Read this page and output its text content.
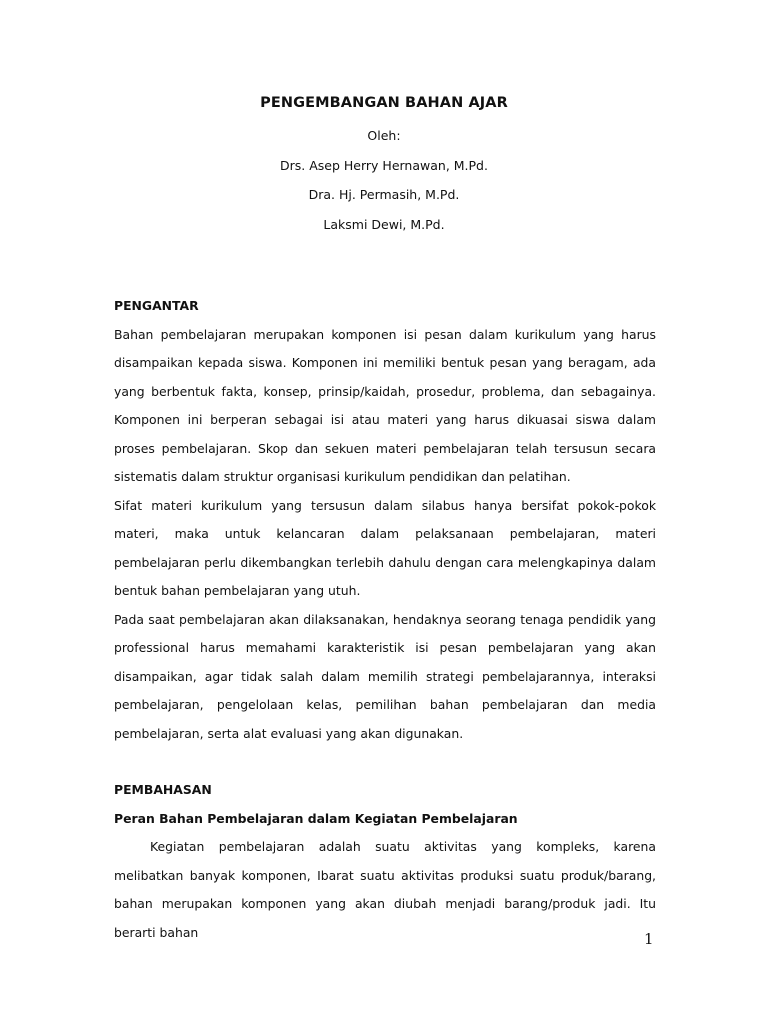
PENGEMBANGAN BAHAN AJAR

Oleh:

Drs. Asep Herry Hernawan, M.Pd.

Dra. Hj. Permasih, M.Pd.

Laksmi Dewi, M.Pd.

PENGANTAR

Bahan pembelajaran merupakan komponen isi pesan dalam kurikulum yang harus disampaikan kepada siswa. Komponen ini memiliki bentuk pesan yang beragam, ada yang berbentuk fakta, konsep, prinsip/kaidah, prosedur, problema, dan sebagainya. Komponen ini berperan sebagai isi atau materi yang harus dikuasai siswa dalam proses pembelajaran. Skop dan sekuen materi pembelajaran telah tersusun secara sistematis dalam struktur organisasi kurikulum pendidikan dan pelatihan.

Sifat materi kurikulum yang tersusun dalam silabus hanya bersifat pokok-pokok materi, maka untuk kelancaran dalam pelaksanaan pembelajaran, materi pembelajaran perlu dikembangkan terlebih dahulu dengan cara melengkapinya dalam bentuk bahan pembelajaran yang utuh.

Pada saat pembelajaran akan dilaksanakan, hendaknya seorang tenaga pendidik yang professional harus memahami karakteristik isi pesan pembelajaran yang akan disampaikan, agar tidak salah dalam memilih strategi pembelajarannya, interaksi pembelajaran, pengelolaan kelas, pemilihan bahan pembelajaran dan media pembelajaran, serta alat evaluasi yang akan digunakan.

PEMBAHASAN

Peran Bahan Pembelajaran dalam Kegiatan Pembelajaran

Kegiatan pembelajaran adalah suatu aktivitas yang kompleks, karena melibatkan banyak komponen, Ibarat suatu aktivitas produksi suatu produk/barang, bahan merupakan komponen yang akan diubah menjadi barang/produk jadi. Itu berarti bahan	1
